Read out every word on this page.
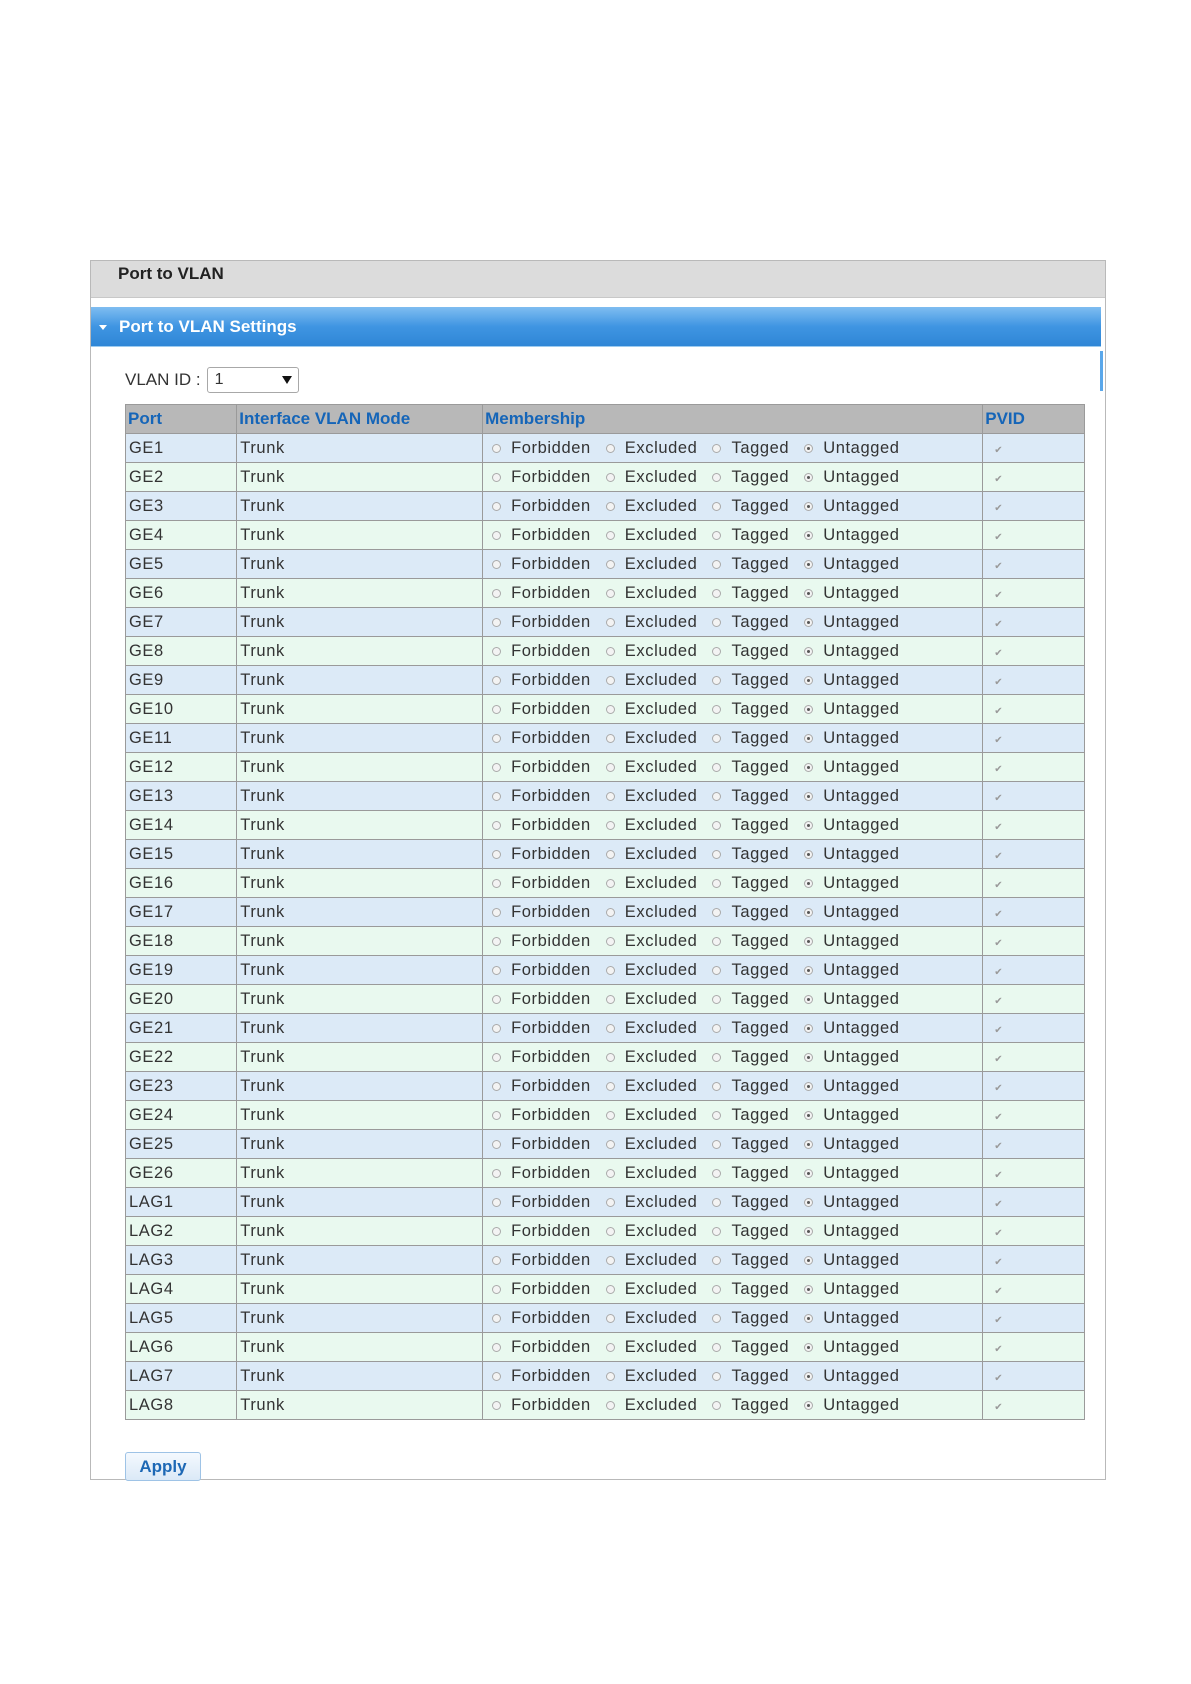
Port to VLAN
Port to VLAN Settings
VLAN ID : 1
Port	Interface VLAN Mode	Membership	PVID
GE1	Trunk	Forbidden Excluded Tagged Untagged	✔
GE2	Trunk	Forbidden Excluded Tagged Untagged	✔
GE3	Trunk	Forbidden Excluded Tagged Untagged	✔
GE4	Trunk	Forbidden Excluded Tagged Untagged	✔
GE5	Trunk	Forbidden Excluded Tagged Untagged	✔
GE6	Trunk	Forbidden Excluded Tagged Untagged	✔
GE7	Trunk	Forbidden Excluded Tagged Untagged	✔
GE8	Trunk	Forbidden Excluded Tagged Untagged	✔
GE9	Trunk	Forbidden Excluded Tagged Untagged	✔
GE10	Trunk	Forbidden Excluded Tagged Untagged	✔
GE11	Trunk	Forbidden Excluded Tagged Untagged	✔
GE12	Trunk	Forbidden Excluded Tagged Untagged	✔
GE13	Trunk	Forbidden Excluded Tagged Untagged	✔
GE14	Trunk	Forbidden Excluded Tagged Untagged	✔
GE15	Trunk	Forbidden Excluded Tagged Untagged	✔
GE16	Trunk	Forbidden Excluded Tagged Untagged	✔
GE17	Trunk	Forbidden Excluded Tagged Untagged	✔
GE18	Trunk	Forbidden Excluded Tagged Untagged	✔
GE19	Trunk	Forbidden Excluded Tagged Untagged	✔
GE20	Trunk	Forbidden Excluded Tagged Untagged	✔
GE21	Trunk	Forbidden Excluded Tagged Untagged	✔
GE22	Trunk	Forbidden Excluded Tagged Untagged	✔
GE23	Trunk	Forbidden Excluded Tagged Untagged	✔
GE24	Trunk	Forbidden Excluded Tagged Untagged	✔
GE25	Trunk	Forbidden Excluded Tagged Untagged	✔
GE26	Trunk	Forbidden Excluded Tagged Untagged	✔
LAG1	Trunk	Forbidden Excluded Tagged Untagged	✔
LAG2	Trunk	Forbidden Excluded Tagged Untagged	✔
LAG3	Trunk	Forbidden Excluded Tagged Untagged	✔
LAG4	Trunk	Forbidden Excluded Tagged Untagged	✔
LAG5	Trunk	Forbidden Excluded Tagged Untagged	✔
LAG6	Trunk	Forbidden Excluded Tagged Untagged	✔
LAG7	Trunk	Forbidden Excluded Tagged Untagged	✔
LAG8	Trunk	Forbidden Excluded Tagged Untagged	✔
Apply
